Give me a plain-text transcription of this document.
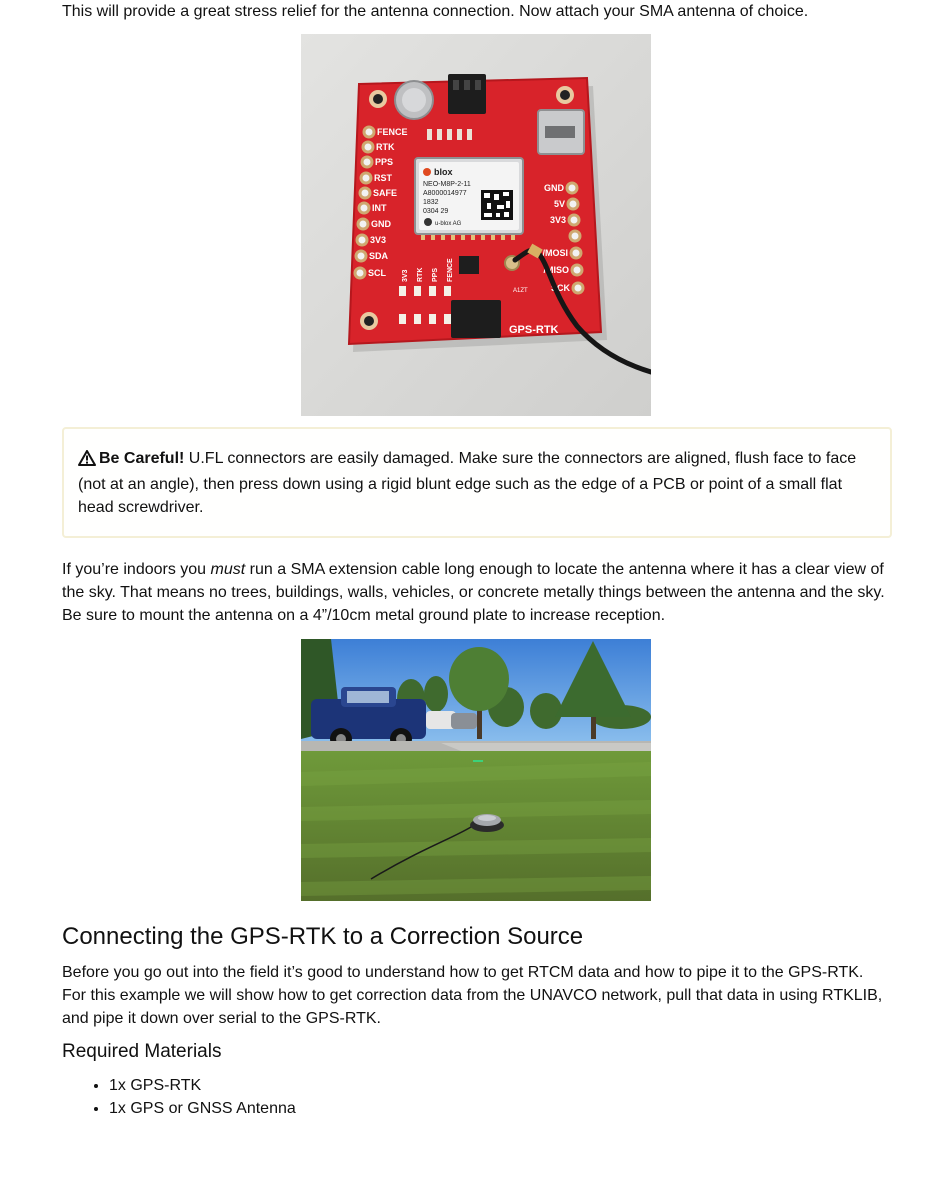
This will provide a great stress relief for the antenna connection. Now attach your SMA antenna of choice.

FENCE
RTK
PPS
RST
SAFE
INT
GND
3V3
SDA
SCL
GND
5V
3V3
/MOSI
/MISO
SCK
blox
NEO-M8P-2-11
A8000014977
1832
0304 29
u-blox AG
3V3 RTK PPS FENCE
A1ZT
GPS-RTK
Be Careful! U.FL connectors are easily damaged. Make sure the connectors are aligned, flush face to face (not at an angle), then press down using a rigid blunt edge such as the edge of a PCB or point of a small flat head screwdriver.

If you’re indoors you must run a SMA extension cable long enough to locate the antenna where it has a clear view of the sky. That means no trees, buildings, walls, vehicles, or concrete metally things between the antenna and the sky. Be sure to mount the antenna on a 4”/10cm metal ground plate to increase reception.

Connecting the GPS-RTK to a Correction Source

Before you go out into the field it’s good to understand how to get RTCM data and how to pipe it to the GPS-RTK. For this example we will show how to get correction data from the UNAVCO network, pull that data in using RTKLIB, and pipe it down over serial to the GPS-RTK.

Required Materials
• 1x GPS-RTK
• 1x GPS or GNSS Antenna
